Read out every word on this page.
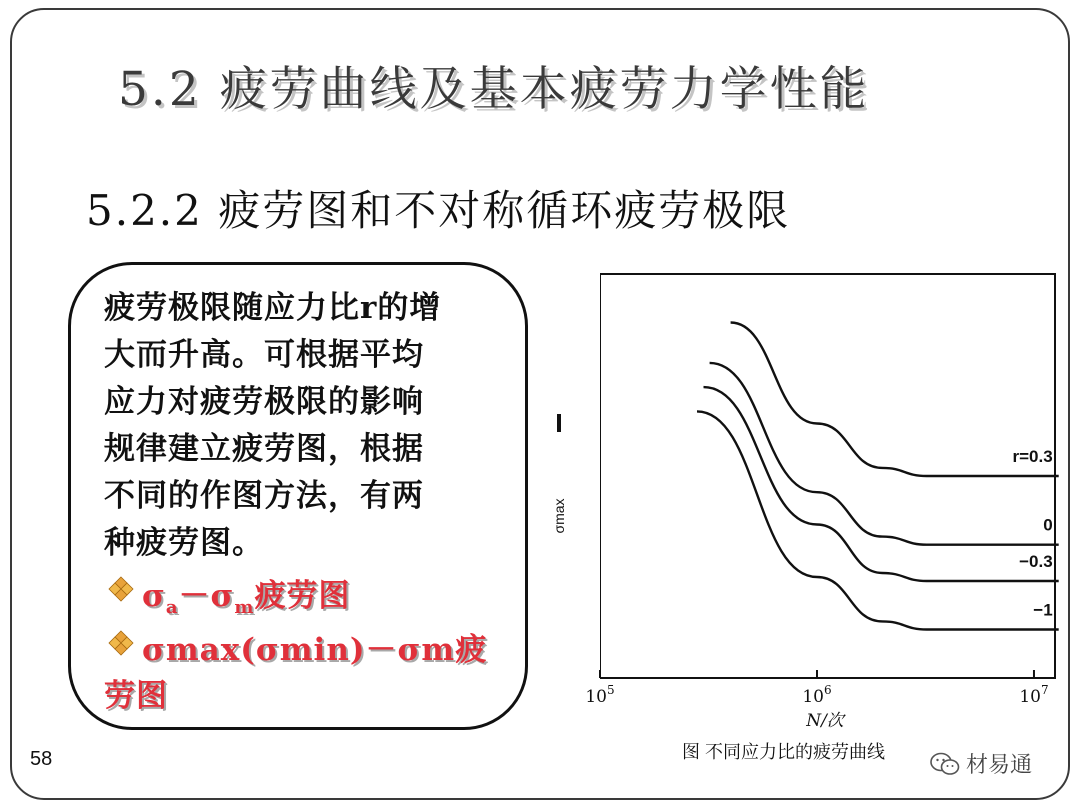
5.2 疲劳曲线及基本疲劳力学性能
5.2.2 疲劳图和不对称循环疲劳极限
疲劳极限随应力比r的增
大而升高。可根据平均
应力对疲劳极限的影响
规律建立疲劳图，根据
不同的作图方法，有两
种疲劳图。
$\sigma_a-\sigma_m$疲劳图
σmax(σmin)－σm疲
劳图
σmax
$10^5$	$10^6$	$10^7$
r=0.3
0
−0.3
−1
N/次
图 不同应力比的疲劳曲线
58	材易通
